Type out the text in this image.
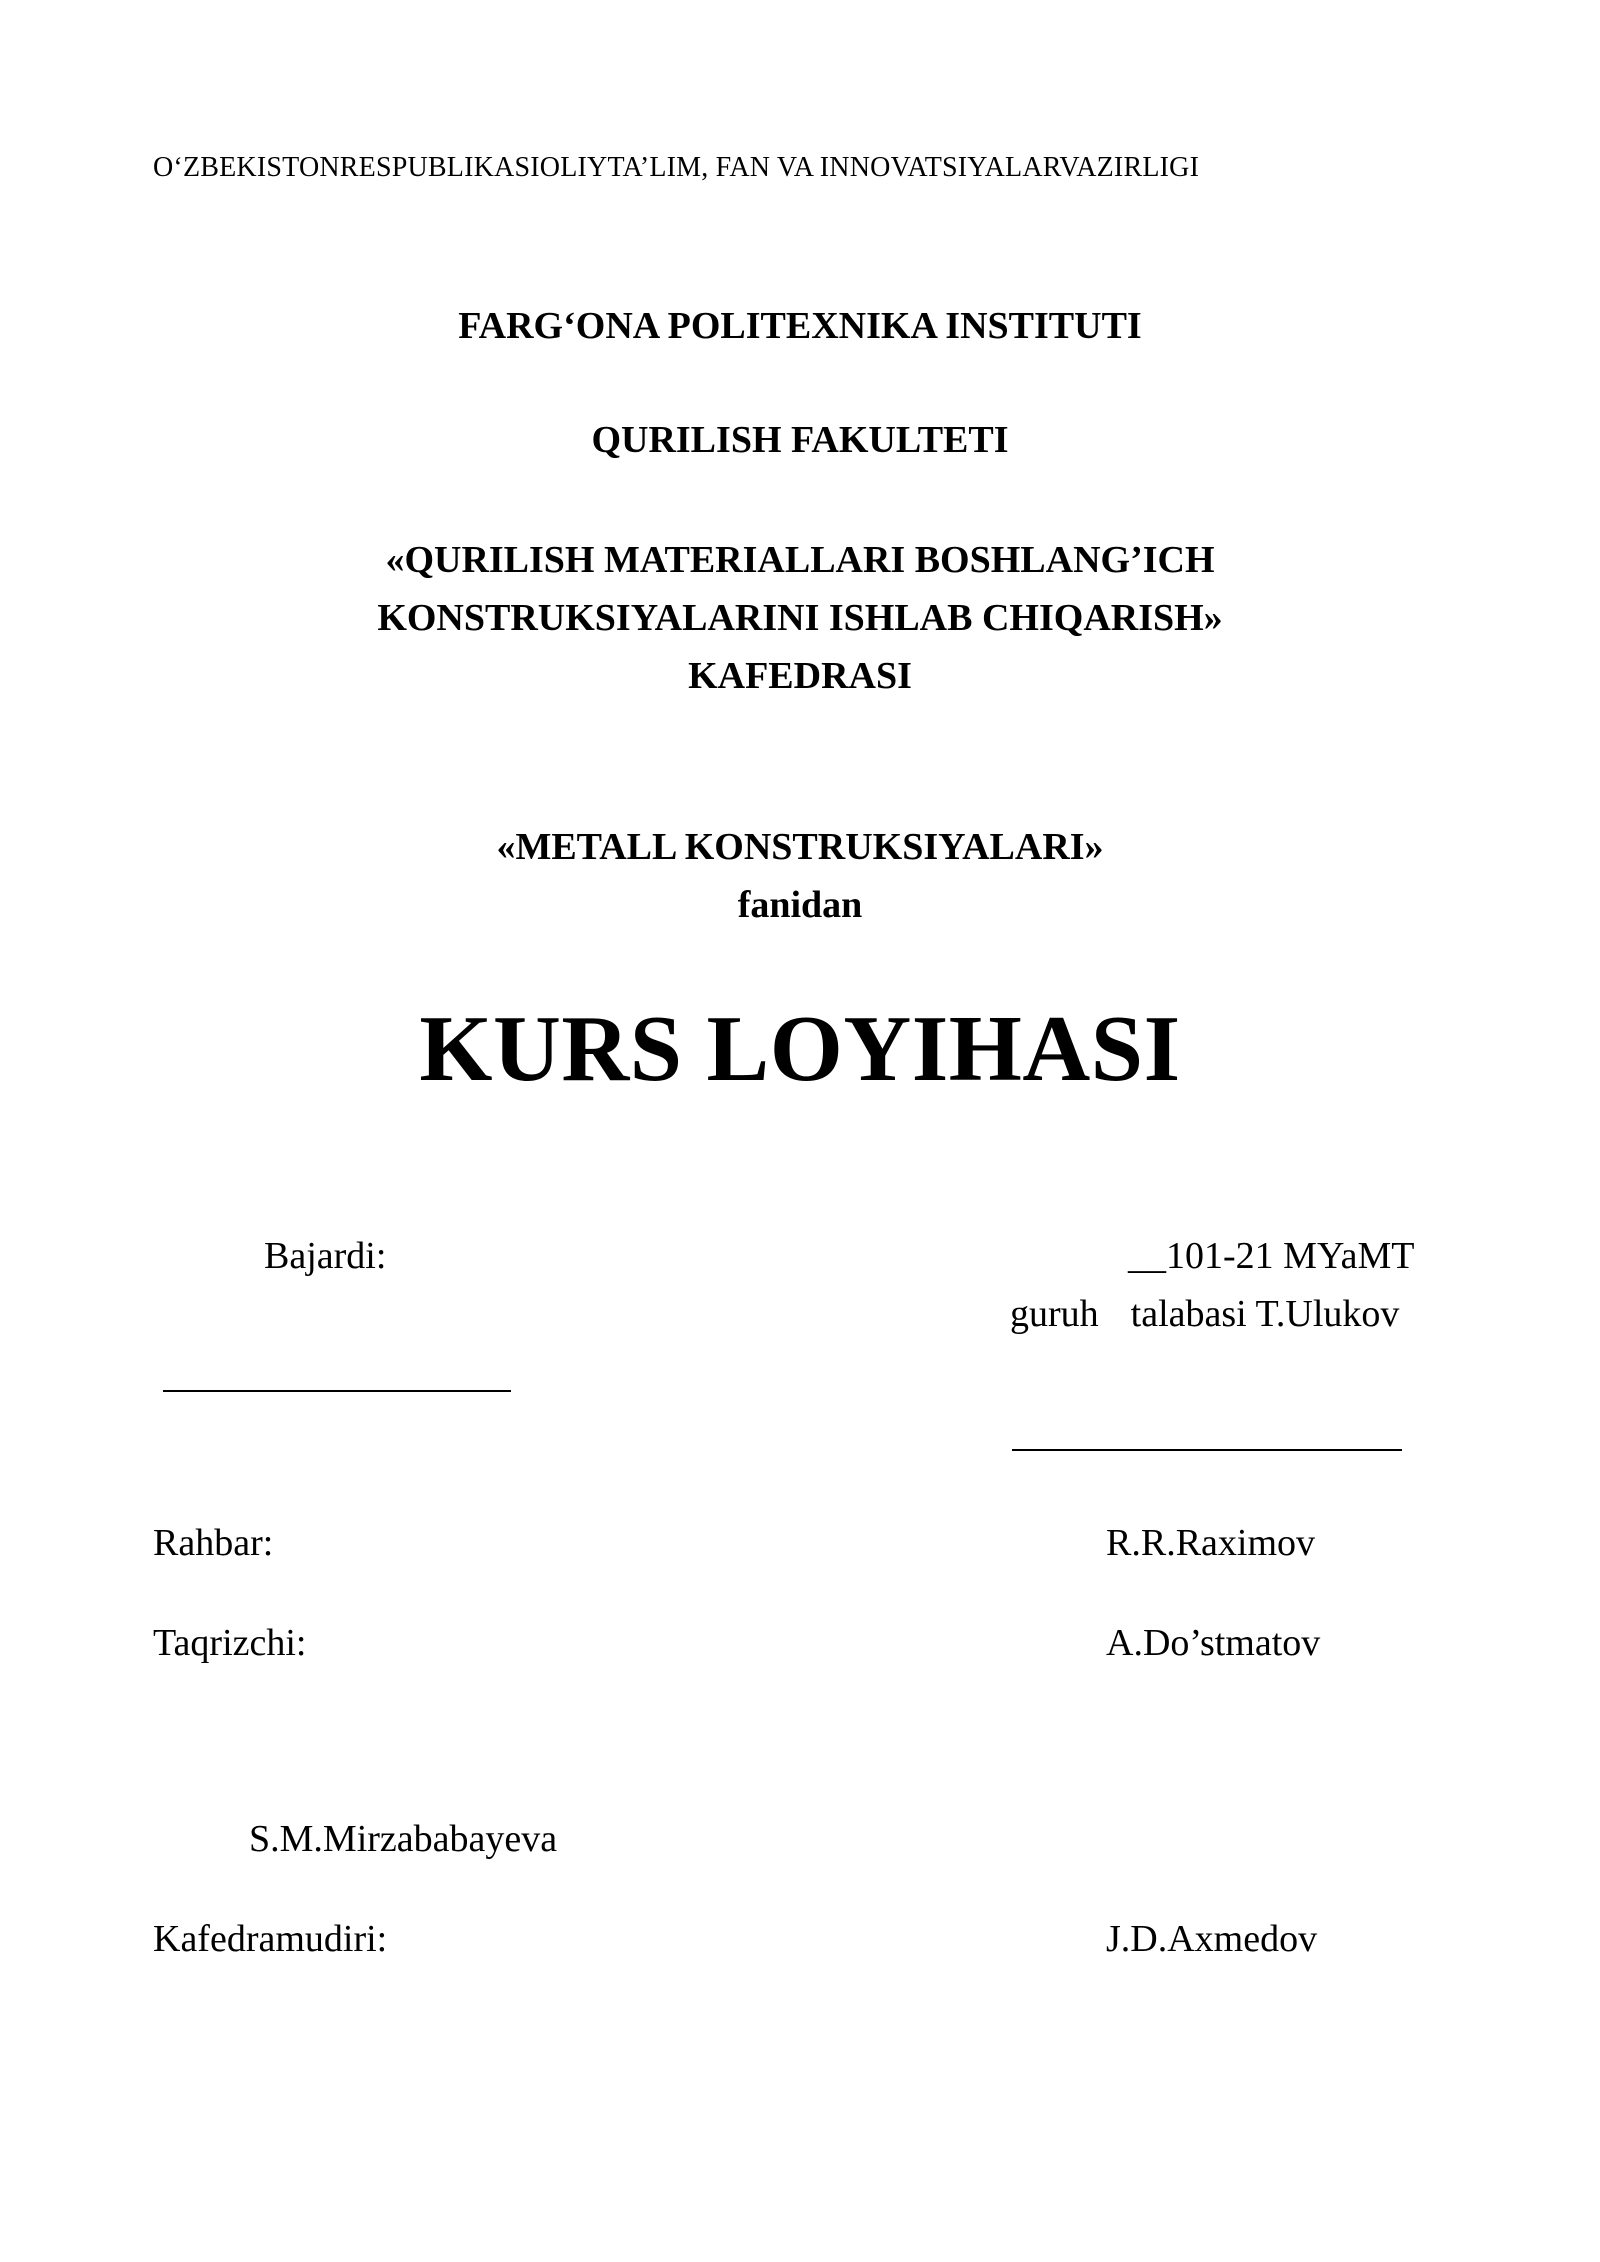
O‘ZBEKISTONRESPUBLIKASIOLIYTA’LIM, FAN VA INNOVATSIYALARVAZIRLIGI
FARG‘ONA POLITEXNIKA INSTITUTI
QURILISH FAKULTETI
«QURILISH MATERIALLARI BOSHLANG’ICH
KONSTRUKSIYALARINI ISHLAB CHIQARISH»
KAFEDRASI
«METALL KONSTRUKSIYALARI»
fanidan
KURS LOYIHASI
Bajardi:	__101-21 MYaMT
guruh talabasi T.Ulukov
Rahbar:	R.R.Raximov
Taqrizchi:	A.Do’stmatov
S.M.Mirzababayeva
Kafedramudiri:	J.D.Axmedov
